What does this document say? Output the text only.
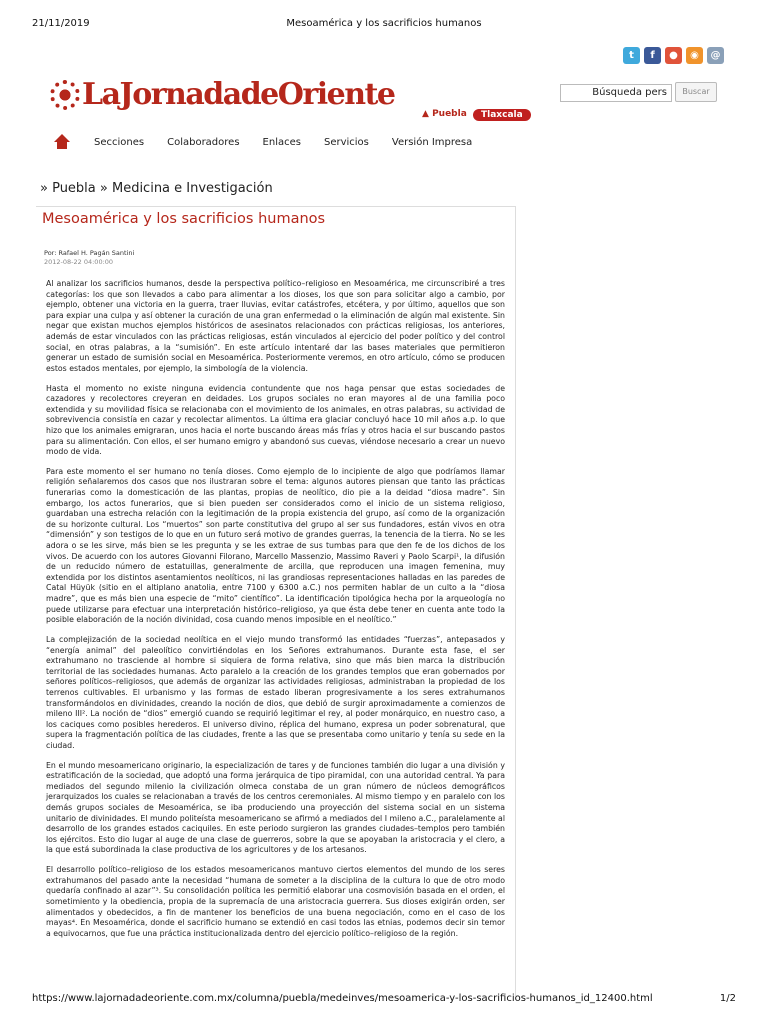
21/11/2019	Mesoamérica y los sacrificios humanos
t	f	●	◉	@
LaJornadadeOriente
▲ Puebla	Tlaxcala
Búsqueda pers	Buscar
Secciones Colaboradores Enlaces Servicios Versión Impresa
» Puebla » Medicina e Investigación
Mesoamérica y los sacrificios humanos
Por: Rafael H. Pagán Santini
2012-08-22 04:00:00

Al analizar los sacrificios humanos, desde la perspectiva político–religioso en Mesoamérica, me circunscribiré a tres categorías: los que son llevados a cabo para alimentar a los dioses, los que son para solicitar algo a cambio, por ejemplo, obtener una victoria en la guerra, traer lluvias, evitar catástrofes, etcétera, y por último, aquellos que son para expiar una culpa y así obtener la curación de una gran enfermedad o la eliminación de algún mal existente. Sin negar que existan muchos ejemplos históricos de asesinatos relacionados con prácticas religiosas, los anteriores, además de estar vinculados con las prácticas religiosas, están vinculados al ejercicio del poder político y del control social, en otras palabras, a la “sumisión”. En este artículo intentaré dar las bases materiales que permitieron generar un estado de sumisión social en Mesoamérica. Posteriormente veremos, en otro artículo, cómo se producen estos estados mentales, por ejemplo, la simbología de la violencia.

Hasta el momento no existe ninguna evidencia contundente que nos haga pensar que estas sociedades de cazadores y recolectores creyeran en deidades. Los grupos sociales no eran mayores al de una familia poco extendida y su movilidad física se relacionaba con el movimiento de los animales, en otras palabras, su actividad de sobrevivencia consistía en cazar y recolectar alimentos. La última era glaciar concluyó hace 10 mil años a.p. lo que hizo que los animales emigraran, unos hacia el norte buscando áreas más frías y otros hacia el sur buscando pastos para su alimentación. Con ellos, el ser humano emigro y abandonó sus cuevas, viéndose necesario a crear un nuevo modo de vida.

Para este momento el ser humano no tenía dioses. Como ejemplo de lo incipiente de algo que podríamos llamar religión señalaremos dos casos que nos ilustraran sobre el tema: algunos autores piensan que tanto las prácticas funerarias como la domesticación de las plantas, propias de neolítico, dio pie a la deidad “diosa madre”. Sin embargo, los actos funerarios, que si bien pueden ser considerados como el inicio de un sistema religioso, guardaban una estrecha relación con la legitimación de la propia existencia del grupo, así como de la organización de su horizonte cultural. Los “muertos” son parte constitutiva del grupo al ser sus fundadores, están vivos en otra “dimensión” y son testigos de lo que en un futuro será motivo de grandes guerras, la tenencia de la tierra. No se les adora o se les sirve, más bien se les pregunta y se les extrae de sus tumbas para que den fe de los dichos de los vivos. De acuerdo con los autores Giovanni Filorano, Marcello Massenzio, Massimo Raveri y Paolo Scarpi¹, la difusión de un reducido número de estatuillas, generalmente de arcilla, que reproducen una imagen femenina, muy extendida por los distintos asentamientos neolíticos, ni las grandiosas representaciones halladas en las paredes de Catal Hüyük (sitio en el altiplano anatolia, entre 7100 y 6300 a.C.) nos permiten hablar de un culto a la “diosa madre”, que es más bien una especie de “mito” científico”. La identificación tipológica hecha por la arqueología no puede utilizarse para efectuar una interpretación histórico–religioso, ya que ésta debe tener en cuenta ante todo la posible elaboración de la noción divinidad, cosa cuando menos imposible en el neolítico.”

La complejización de la sociedad neolítica en el viejo mundo transformó las entidades “fuerzas”, antepasados y “energía animal” del paleolítico convirtiéndolas en los Señores extrahumanos. Durante esta fase, el ser extrahumano no trasciende al hombre si siquiera de forma relativa, sino que más bien marca la distribución territorial de las sociedades humanas. Acto paralelo a la creación de los grandes templos que eran gobernados por señores políticos–religiosos, que además de organizar las actividades religiosas, administraban la propiedad de los terrenos cultivables. El urbanismo y las formas de estado liberan progresivamente a los seres extrahumanos transformándolos en divinidades, creando la noción de dios, que debió de surgir aproximadamente a comienzos de mileno III². La noción de “dios” emergió cuando se requirió legitimar el rey, al poder monárquico, en nuestro caso, a los caciques como posibles herederos. El universo divino, réplica del humano, expresa un poder sobrenatural, que supera la fragmentación política de las ciudades, frente a las que se presentaba como unitario y tenía su sede en la ciudad.

En el mundo mesoamericano originario, la especialización de tares y de funciones también dio lugar a una división y estratificación de la sociedad, que adoptó una forma jerárquica de tipo piramidal, con una autoridad central. Ya para mediados del segundo milenio la civilización olmeca constaba de un gran número de núcleos demográficos jerarquizados los cuales se relacionaban a través de los centros ceremoniales. Al mismo tiempo y en paralelo con los demás grupos sociales de Mesoamérica, se iba produciendo una proyección del sistema social en un sistema unitario de divinidades. El mundo politeísta mesoamericano se afirmó a mediados del I mileno a.C., paralelamente al desarrollo de los grandes estados caciquiles. En este periodo surgieron las grandes ciudades–templos pero también los ejércitos. Esto dio lugar al auge de una clase de guerreros, sobre la que se apoyaban la aristocracia y el clero, a la que está subordinada la clase productiva de los agricultores y de los artesanos.

El desarrollo político–religioso de los estados mesoamericanos mantuvo ciertos elementos del mundo de los seres extrahumanos del pasado ante la necesidad “humana de someter a la disciplina de la cultura lo que de otro modo quedaría confinado al azar”³. Su consolidación política les permitió elaborar una cosmovisión basada en el orden, el sometimiento y la obediencia, propia de la supremacía de una aristocracia guerrera. Sus dioses exigirán orden, ser alimentados y obedecidos, a fin de mantener los beneficios de una buena negociación, como en el caso de los mayas⁴. En Mesoamérica, donde el sacrificio humano se extendió en casi todos las etnias, podemos decir sin temor a equivocarnos, que fue una práctica institucionalizada dentro del ejercicio político–religioso de la región.

https://www.lajornadadeoriente.com.mx/columna/puebla/medeinves/mesoamerica-y-los-sacrificios-humanos_id_12400.html	1/2
